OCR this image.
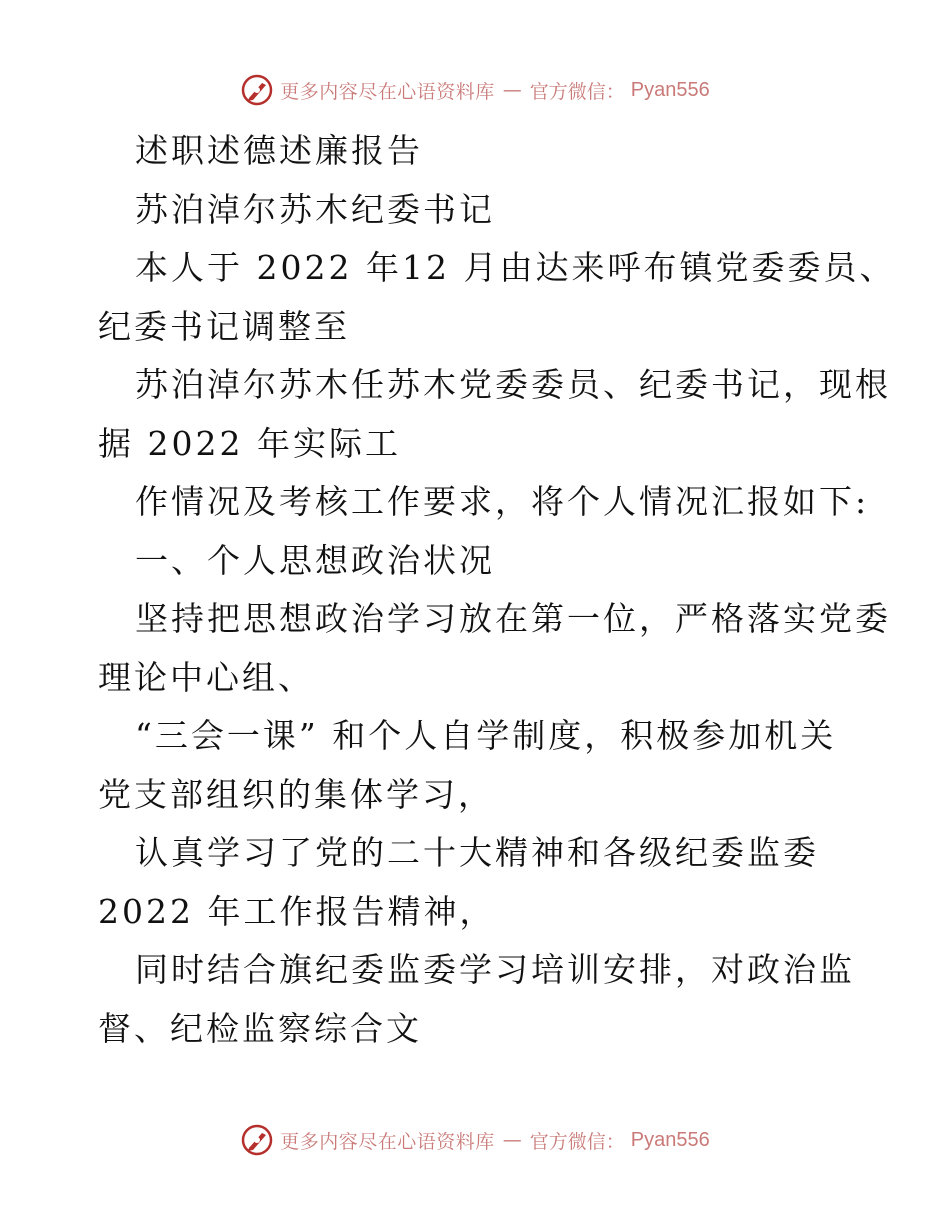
更多内容尽在心语资料库 — 官方微信： Pyan556
述职述德述廉报告
苏泊淖尔苏木纪委书记
本人于 2022 年12 月由达来呼布镇党委委员、
纪委书记调整至
苏泊淖尔苏木任苏木党委委员、纪委书记，现根
据 2022 年实际工
作情况及考核工作要求，将个人情况汇报如下:
一、个人思想政治状况
坚持把思想政治学习放在第一位，严格落实党委
理论中心组、
“三会一课” 和个人自学制度，积极参加机关
党支部组织的集体学习，
认真学习了党的二十大精神和各级纪委监委
2022 年工作报告精神，
同时结合旗纪委监委学习培训安排，对政治监
督、纪检监察综合文
更多内容尽在心语资料库 — 官方微信： Pyan556
